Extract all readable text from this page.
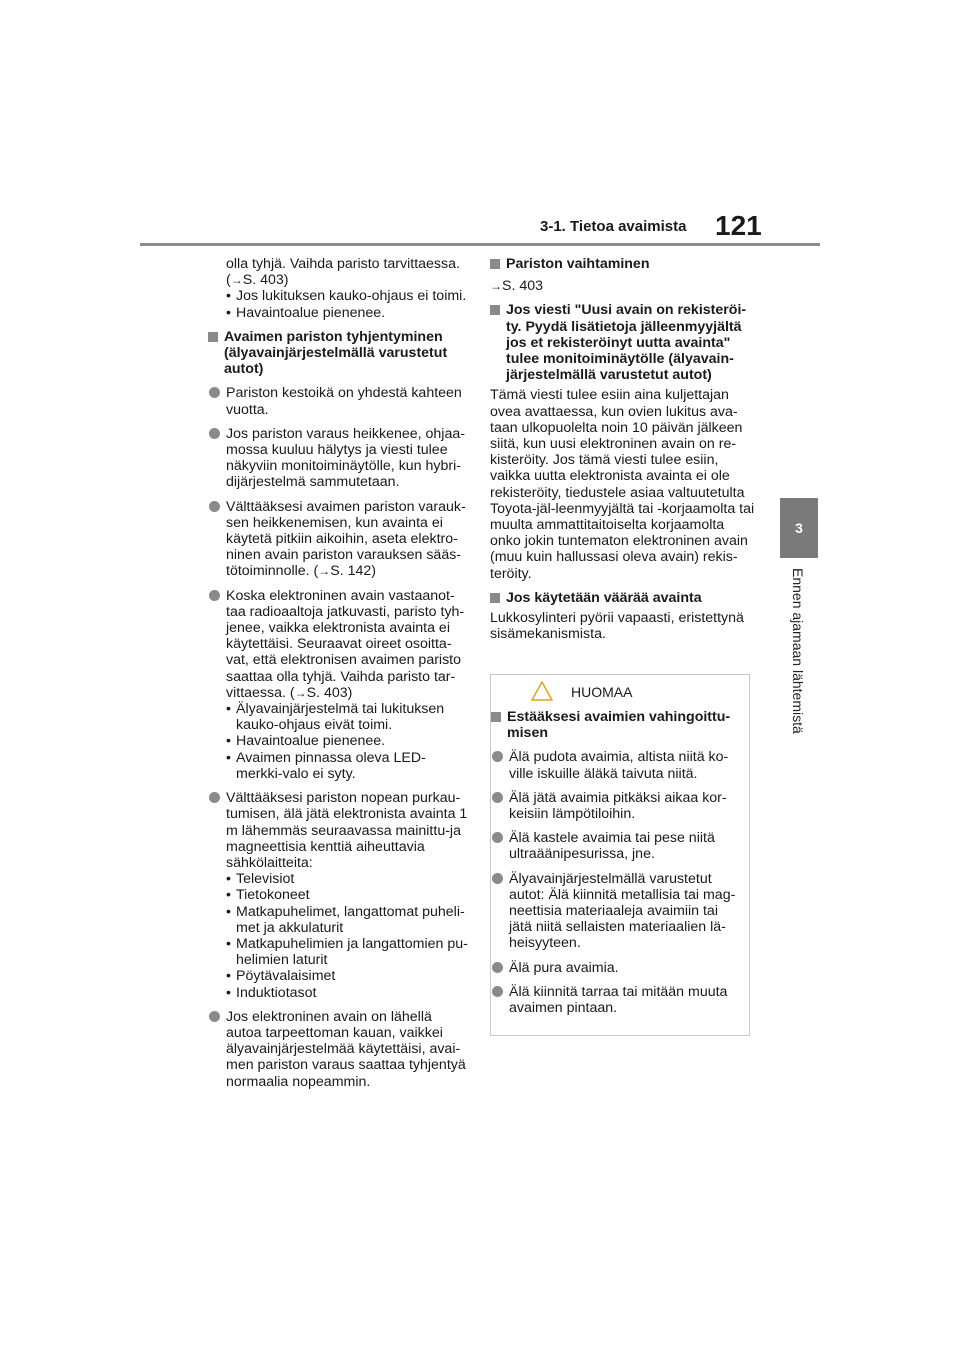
3-1. Tietoa avaimista 121
3
Ennen ajamaan lähtemistä

olla tyhjä. Vaihda paristo tarvittaessa.

(→S. 403)

• Jos lukituksen kauko-ohjaus ei toimi.
• Havaintoalue pienenee.
Avaimen pariston tyhjentyminen (älyavainjärjestelmällä varustetut autot)
Pariston kestoikä on yhdestä kahteen vuotta.
Jos pariston varaus heikkenee, ohjaa-mossa kuuluu hälytys ja viesti tulee näkyviin monitoiminäytölle, kun hybri-dijärjestelmä sammutetaan.
Välttääksesi avaimen pariston varauk-sen heikkenemisen, kun avainta ei käytetä pitkiin aikoihin, aseta elektro-ninen avain pariston varauksen sääs-tötoiminnolle. (→S. 142)
Koska elektroninen avain vastaanot-taa radioaaltoja jatkuvasti, paristo tyh-jenee, vaikka elektronista avainta ei käytettäisi. Seuraavat oireet osoitta-vat, että elektronisen avaimen paristo saattaa olla tyhjä. Vaihda paristo tar-vittaessa. (→S. 403)
• Älyavainjärjestelmä tai lukituksen kauko-ohjaus eivät toimi.
• Havaintoalue pienenee.
• Avaimen pinnassa oleva LED-merkki-valo ei syty.
Välttääksesi pariston nopean purkau-tumisen, älä jätä elektronista avainta 1 m lähemmäs seuraavassa mainittu-ja magneettisia kenttiä aiheuttavia sähkölaitteita:
• Televisiot
• Tietokoneet
• Matkapuhelimet, langattomat puheli-met ja akkulaturit
• Matkapuhelimien ja langattomien pu-helimien laturit
• Pöytävalaisimet
• Induktiotasot
Jos elektroninen avain on lähellä autoa tarpeettoman kauan, vaikkei älyavainjärjestelmää käytettäisi, avai-men pariston varaus saattaa tyhjentyä normaalia nopeammin.
Pariston vaihtaminen

→S. 403

Jos viesti "Uusi avain on rekisteröi-ty. Pyydä lisätietoja jälleenmyyjältä jos et rekisteröinyt uutta avainta" tulee monitoiminäytölle (älyavain-järjestelmällä varustetut autot)

Tämä viesti tulee esiin aina kuljettajan ovea avattaessa, kun ovien lukitus ava-taan ulkopuolelta noin 10 päivän jälkeen siitä, kun uusi elektroninen avain on re-kisteröity. Jos tämä viesti tulee esiin, vaikka uutta elektronista avainta ei ole rekisteröity, tiedustele asiaa valtuutetulta Toyota-jäl-leenmyyjältä tai -korjaamolta tai muulta ammattitaitoiselta korjaamolta onko jokin tuntematon elektroninen avain (muu kuin hallussasi oleva avain) rekis-teröity.

Jos käytetään väärää avainta

Lukkosylinteri pyörii vapaasti, eristettynä sisämekanismista.

HUOMAA
Estääksesi avaimien vahingoittu-misen
Älä pudota avaimia, altista niitä ko-ville iskuille äläkä taivuta niitä.
Älä jätä avaimia pitkäksi aikaa kor-keisiin lämpötiloihin.
Älä kastele avaimia tai pese niitä ultraäänipesurissa, jne.
Älyavainjärjestelmällä varustetut autot: Älä kiinnitä metallisia tai mag-neettisia materiaaleja avaimiin tai jätä niitä sellaisten materiaalien lä-heisyyteen.
Älä pura avaimia.
Älä kiinnitä tarraa tai mitään muuta avaimen pintaan.
